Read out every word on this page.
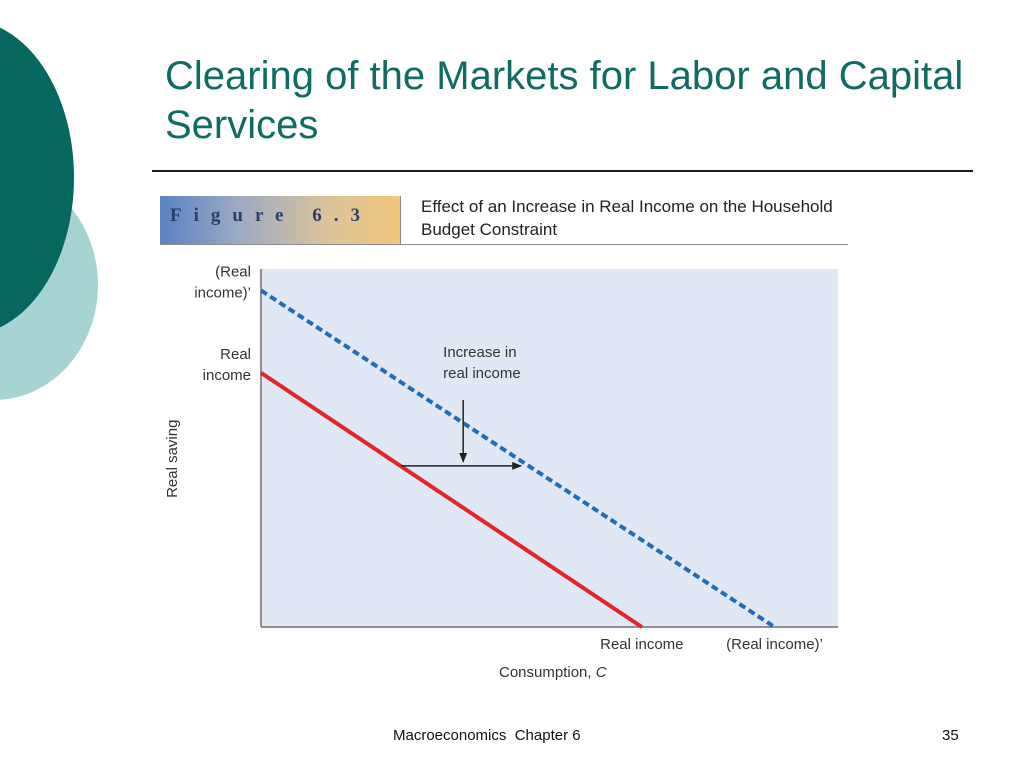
Clearing of the Markets for Labor and Capital Services
Figure 6.3	Effect of an Increase in Real Income on the Household Budget Constraint
Increase in real income
Real income
(Real income)’
Real income	(Real income)’
Consumption, C
Real saving
Macroeconomics  Chapter 6	35
